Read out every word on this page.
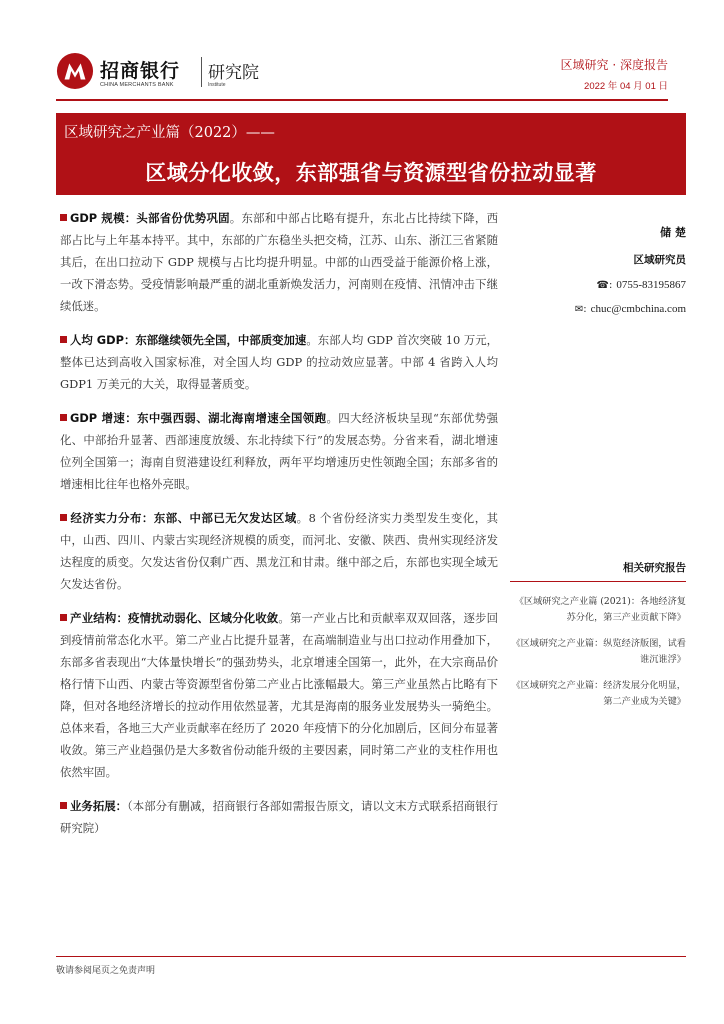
招商银行
CHINA MERCHANTS BANK
研究院
Institute
区域研究 · 深度报告
2022 年 04 月 01 日
区域研究之产业篇（2022）——
区域分化收敛，东部强省与资源型省份拉动显著

GDP 规模：头部省份优势巩固。东部和中部占比略有提升，东北占比持续下降，西部占比与上年基本持平。其中，东部的广东稳坐头把交椅，江苏、山东、浙江三省紧随其后，在出口拉动下 GDP 规模与占比均提升明显。中部的山西受益于能源价格上涨，一改下滑态势。受疫情影响最严重的湖北重新焕发活力，河南则在疫情、汛情冲击下继续低迷。

人均 GDP：东部继续领先全国，中部质变加速。东部人均 GDP 首次突破 10 万元，整体已达到高收入国家标准，对全国人均 GDP 的拉动效应显著。中部 4 省跨入人均 GDP1 万美元的大关，取得显著质变。

GDP 增速：东中强西弱、湖北海南增速全国领跑。四大经济板块呈现“东部优势强化、中部抬升显著、西部速度放缓、东北持续下行”的发展态势。分省来看，湖北增速位列全国第一；海南自贸港建设红利释放，两年平均增速历史性领跑全国；东部多省的增速相比往年也格外亮眼。

经济实力分布：东部、中部已无欠发达区域。8 个省份经济实力类型发生变化，其中，山西、四川、内蒙古实现经济规模的质变，而河北、安徽、陕西、贵州实现经济发达程度的质变。欠发达省份仅剩广西、黑龙江和甘肃。继中部之后，东部也实现全域无欠发达省份。

产业结构：疫情扰动弱化、区域分化收敛。第一产业占比和贡献率双双回落，逐步回到疫情前常态化水平。第二产业占比提升显著，在高端制造业与出口拉动作用叠加下，东部多省表现出“大体量快增长”的强劲势头，北京增速全国第一，此外，在大宗商品价格行情下山西、内蒙古等资源型省份第二产业占比涨幅最大。第三产业虽然占比略有下降，但对各地经济增长的拉动作用依然显著，尤其是海南的服务业发展势头一骑绝尘。总体来看，各地三大产业贡献率在经历了 2020 年疫情下的分化加剧后，区间分布显著收敛。第三产业趋强仍是大多数省份动能升级的主要因素，同时第二产业的支柱作用也依然牢固。

业务拓展：（本部分有删减，招商银行各部如需报告原文，请以文末方式联系招商银行研究院）

储 楚
区域研究员
☎: 0755-83195867
✉: chuc@cmbchina.com
相关研究报告
《区域研究之产业篇 (2021)：各地经济复苏分化，第三产业贡献下降》
《区域研究之产业篇：纵览经济版图，试看谁沉谁浮》
《区域研究之产业篇：经济发展分化明显，第二产业成为关键》
敬请参阅尾页之免责声明
